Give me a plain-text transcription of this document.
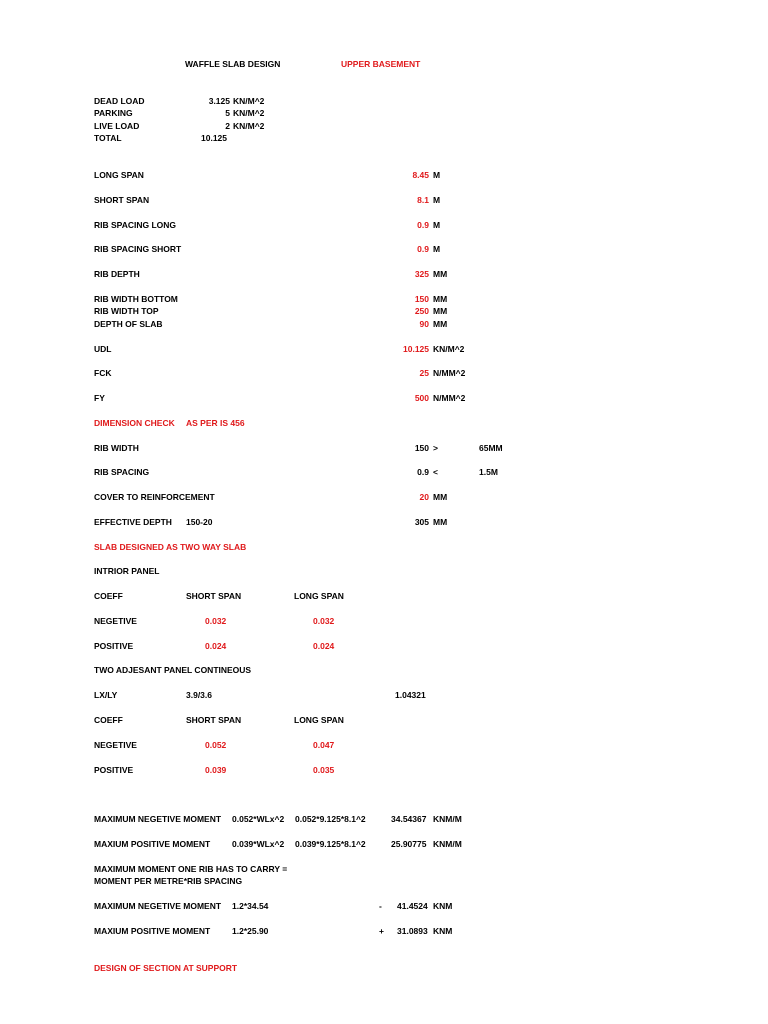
WAFFLE SLAB DESIGN	UPPER BASEMENT
DEAD LOAD	3.125 KN/M^2
PARKING	5 KN/M^2
LIVE LOAD	2 KN/M^2
TOTAL	10.125
LONG SPAN	8.45 M
SHORT SPAN	8.1 M
RIB SPACING LONG	0.9 M
RIB SPACING SHORT	0.9 M
RIB DEPTH	325 MM
RIB WIDTH BOTTOM	150 MM
RIB WIDTH TOP	250 MM
DEPTH OF SLAB	90 MM
UDL	10.125 KN/M^2
FCK	25 N/MM^2
FY	500 N/MM^2
DIMENSION CHECK AS PER IS 456
RIB WIDTH	150 >	65MM
RIB SPACING	0.9 <	1.5M
COVER TO REINFORCEMENT	20 MM
EFFECTIVE DEPTH 150-20	305 MM
SLAB DESIGNED AS TWO WAY SLAB
INTRIOR PANEL
COEFF	SHORT SPAN	LONG SPAN
NEGETIVE	0.032	0.032
POSITIVE	0.024	0.024
TWO ADJESANT PANEL CONTINEOUS
LX/LY	3.9/3.6	1.04321
COEFF	SHORT SPAN	LONG SPAN
NEGETIVE	0.052	0.047
POSITIVE	0.039	0.035
MAXIMUM NEGETIVE MOMENT 0.052*WLx^2 0.052*9.125*8.1^2	34.54367 KNM/M
MAXIUM POSITIVE MOMENT	0.039*WLx^2 0.039*9.125*8.1^2	25.90775 KNM/M
MAXIMUM MOMENT ONE RIB HAS TO CARRY =
MOMENT PER METRE*RIB SPACING
MAXIMUM NEGETIVE MOMENT 1.2*34.54	- 41.4524 KNM
MAXIUM POSITIVE MOMENT	1.2*25.90	+ 31.0893 KNM
DESIGN OF SECTION AT SUPPORT
